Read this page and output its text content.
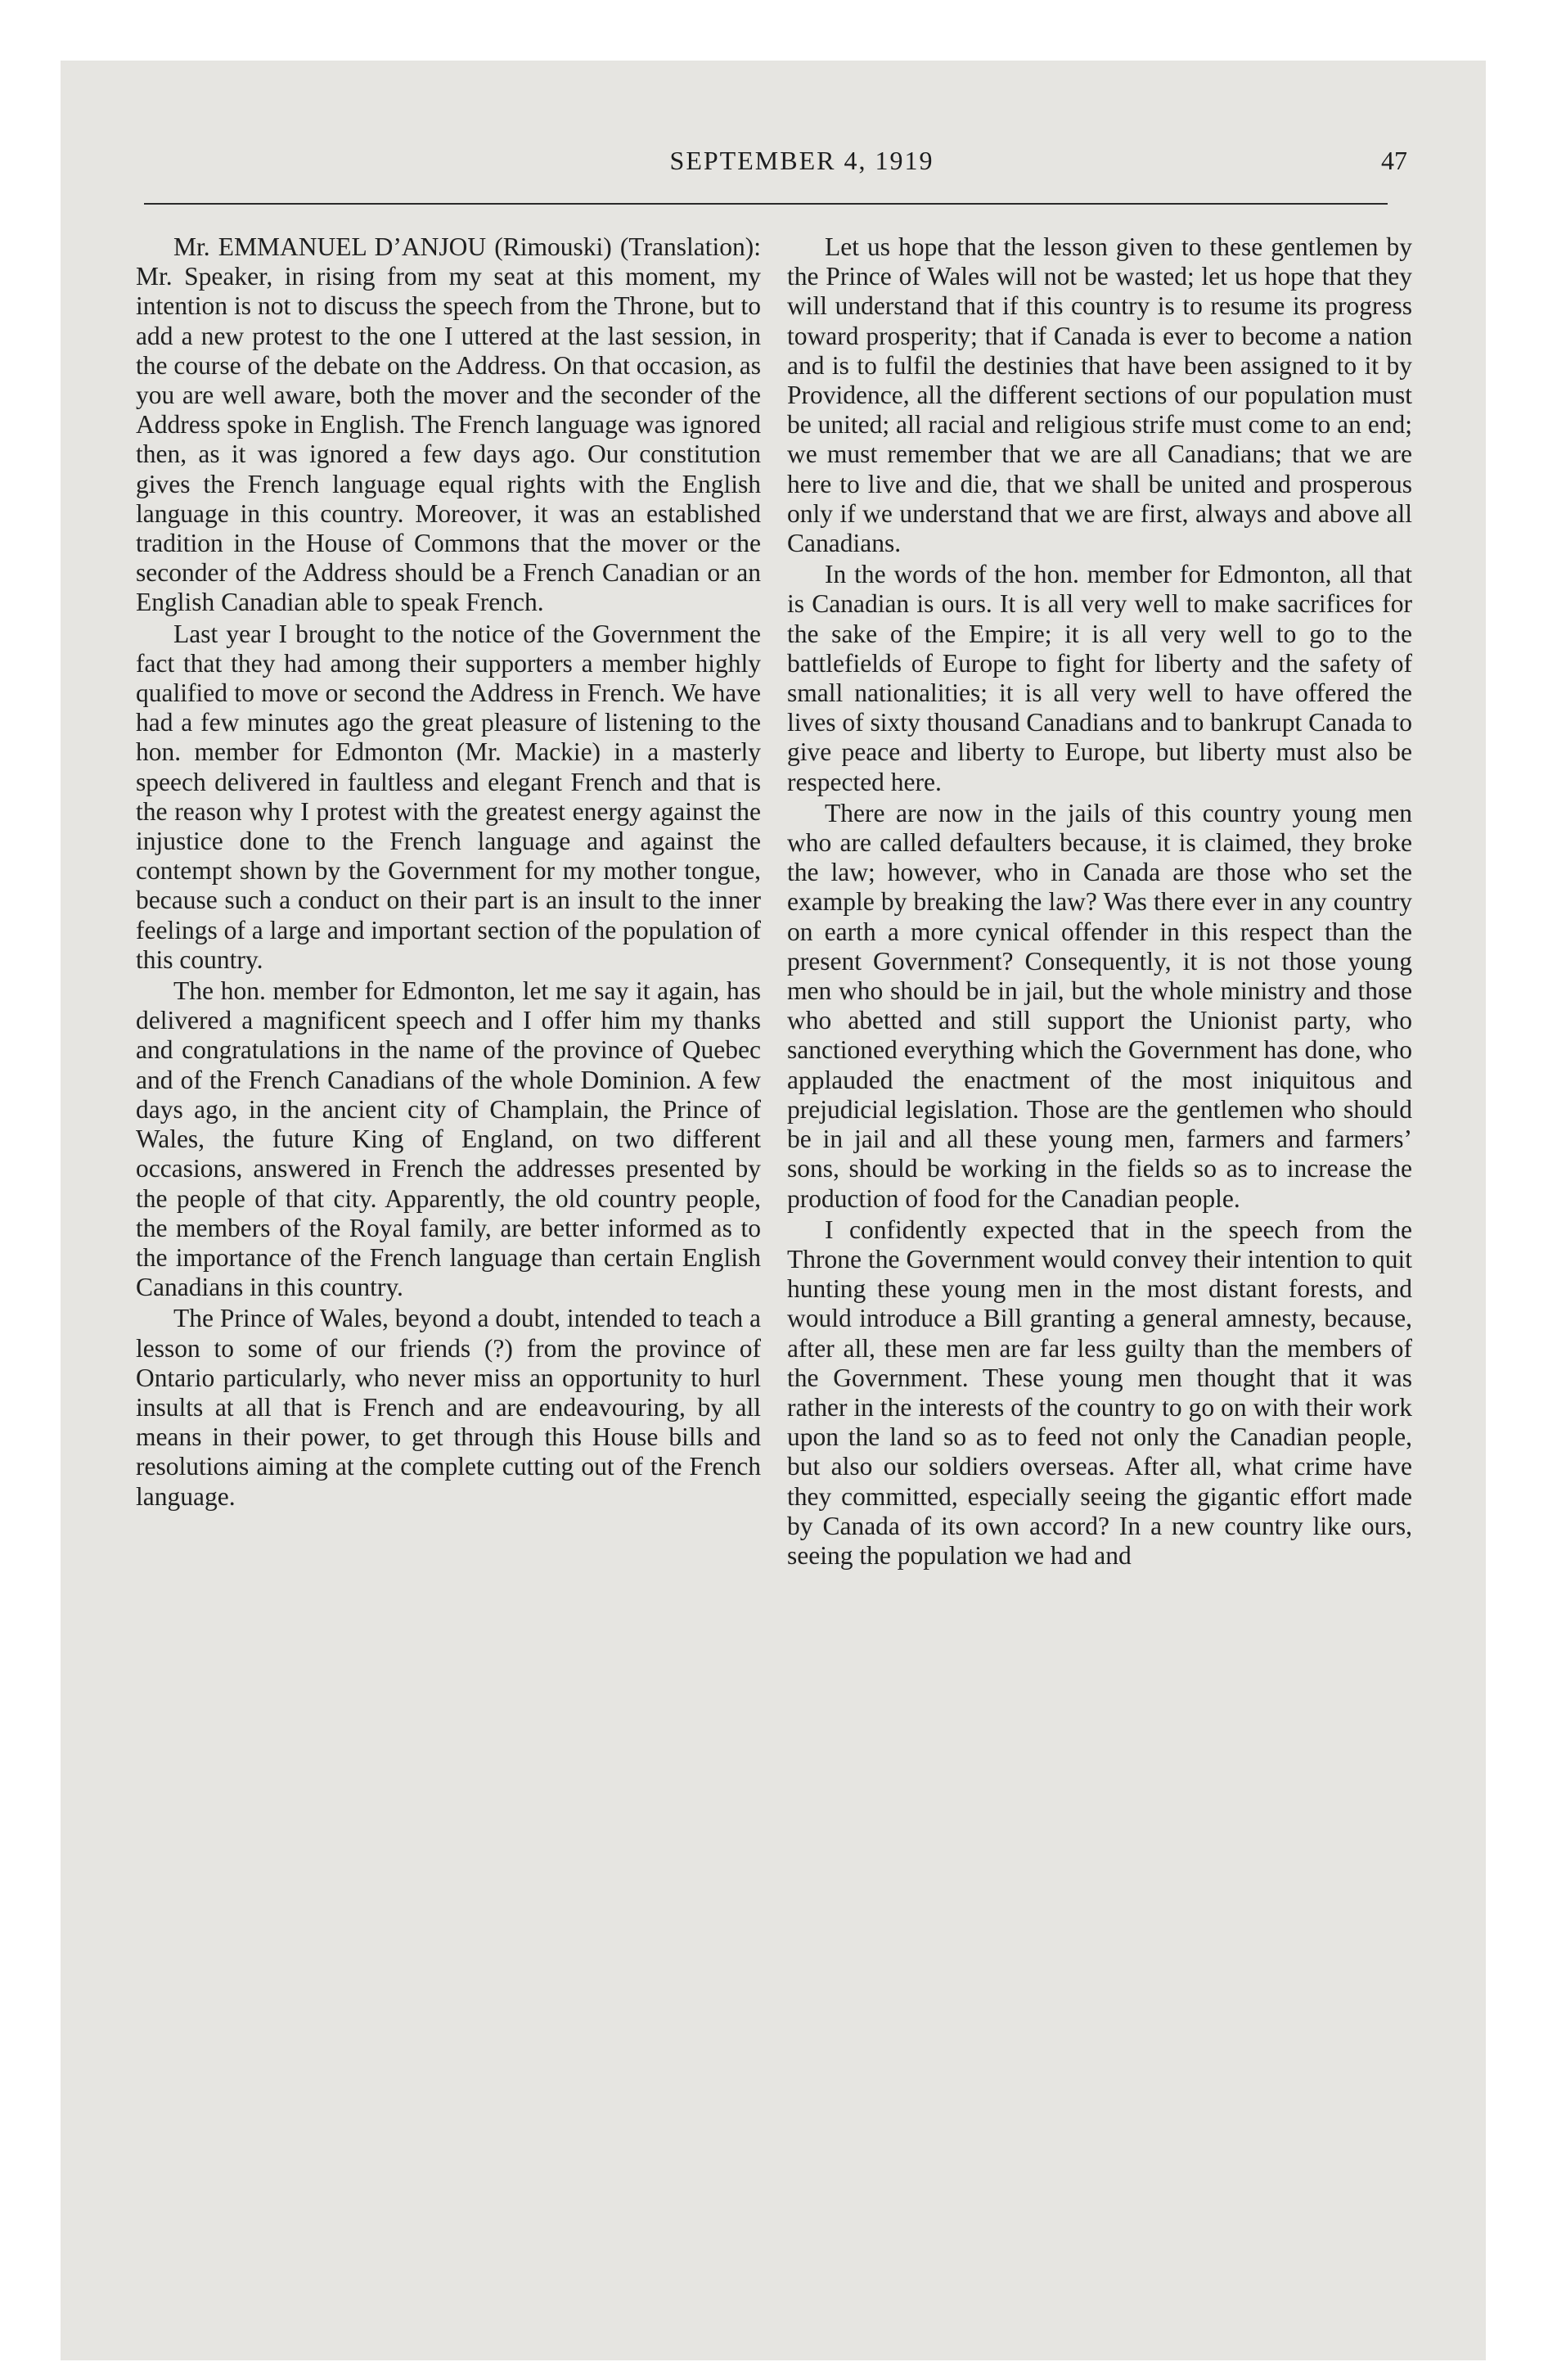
SEPTEMBER 4, 1919	47

Mr. EMMANUEL D’ANJOU (Rimouski) (Translation): Mr. Speaker, in rising from my seat at this moment, my intention is not to discuss the speech from the Throne, but to add a new protest to the one I uttered at the last session, in the course of the debate on the Address. On that occasion, as you are well aware, both the mover and the seconder of the Address spoke in English. The French language was ignored then, as it was ignored a few days ago. Our constitution gives the French language equal rights with the English language in this country. Moreover, it was an established tradition in the House of Commons that the mover or the seconder of the Address should be a French Canadian or an English Canadian able to speak French.

Last year I brought to the notice of the Government the fact that they had among their supporters a member highly qualified to move or second the Address in French. We have had a few minutes ago the great pleasure of listening to the hon. member for Edmonton (Mr. Mackie) in a masterly speech delivered in faultless and elegant French and that is the reason why I protest with the greatest energy against the injustice done to the French language and against the contempt shown by the Government for my mother tongue, because such a conduct on their part is an insult to the inner feelings of a large and important section of the population of this country.

The hon. member for Edmonton, let me say it again, has delivered a magnificent speech and I offer him my thanks and congratulations in the name of the province of Quebec and of the French Canadians of the whole Dominion. A few days ago, in the ancient city of Champlain, the Prince of Wales, the future King of England, on two different occasions, answered in French the addresses presented by the people of that city. Apparently, the old country people, the members of the Royal family, are better informed as to the importance of the French language than certain English Canadians in this country.

The Prince of Wales, beyond a doubt, intended to teach a lesson to some of our friends (?) from the province of Ontario particularly, who never miss an opportunity to hurl insults at all that is French and are endeavouring, by all means in their power, to get through this House bills and resolutions aiming at the complete cutting out of the French language.

Let us hope that the lesson given to these gentlemen by the Prince of Wales will not be wasted; let us hope that they will understand that if this country is to resume its progress toward prosperity; that if Canada is ever to become a nation and is to fulfil the destinies that have been assigned to it by Providence, all the different sections of our population must be united; all racial and religious strife must come to an end; we must remember that we are all Canadians; that we are here to live and die, that we shall be united and prosperous only if we understand that we are first, always and above all Canadians.

In the words of the hon. member for Edmonton, all that is Canadian is ours. It is all very well to make sacrifices for the sake of the Empire; it is all very well to go to the battlefields of Europe to fight for liberty and the safety of small nationalities; it is all very well to have offered the lives of sixty thousand Canadians and to bankrupt Canada to give peace and liberty to Europe, but liberty must also be respected here.

There are now in the jails of this country young men who are called defaulters because, it is claimed, they broke the law; however, who in Canada are those who set the example by breaking the law? Was there ever in any country on earth a more cynical offender in this respect than the present Government? Consequently, it is not those young men who should be in jail, but the whole ministry and those who abetted and still support the Unionist party, who sanctioned everything which the Government has done, who applauded the enactment of the most iniquitous and prejudicial legislation. Those are the gentlemen who should be in jail and all these young men, farmers and farmers’ sons, should be working in the fields so as to increase the production of food for the Canadian people.

I confidently expected that in the speech from the Throne the Government would convey their intention to quit hunting these young men in the most distant forests, and would introduce a Bill granting a general amnesty, because, after all, these men are far less guilty than the members of the Government. These young men thought that it was rather in the interests of the country to go on with their work upon the land so as to feed not only the Canadian people, but also our soldiers overseas. After all, what crime have they committed, especially seeing the gigantic effort made by Canada of its own accord? In a new country like ours, seeing the population we had and
